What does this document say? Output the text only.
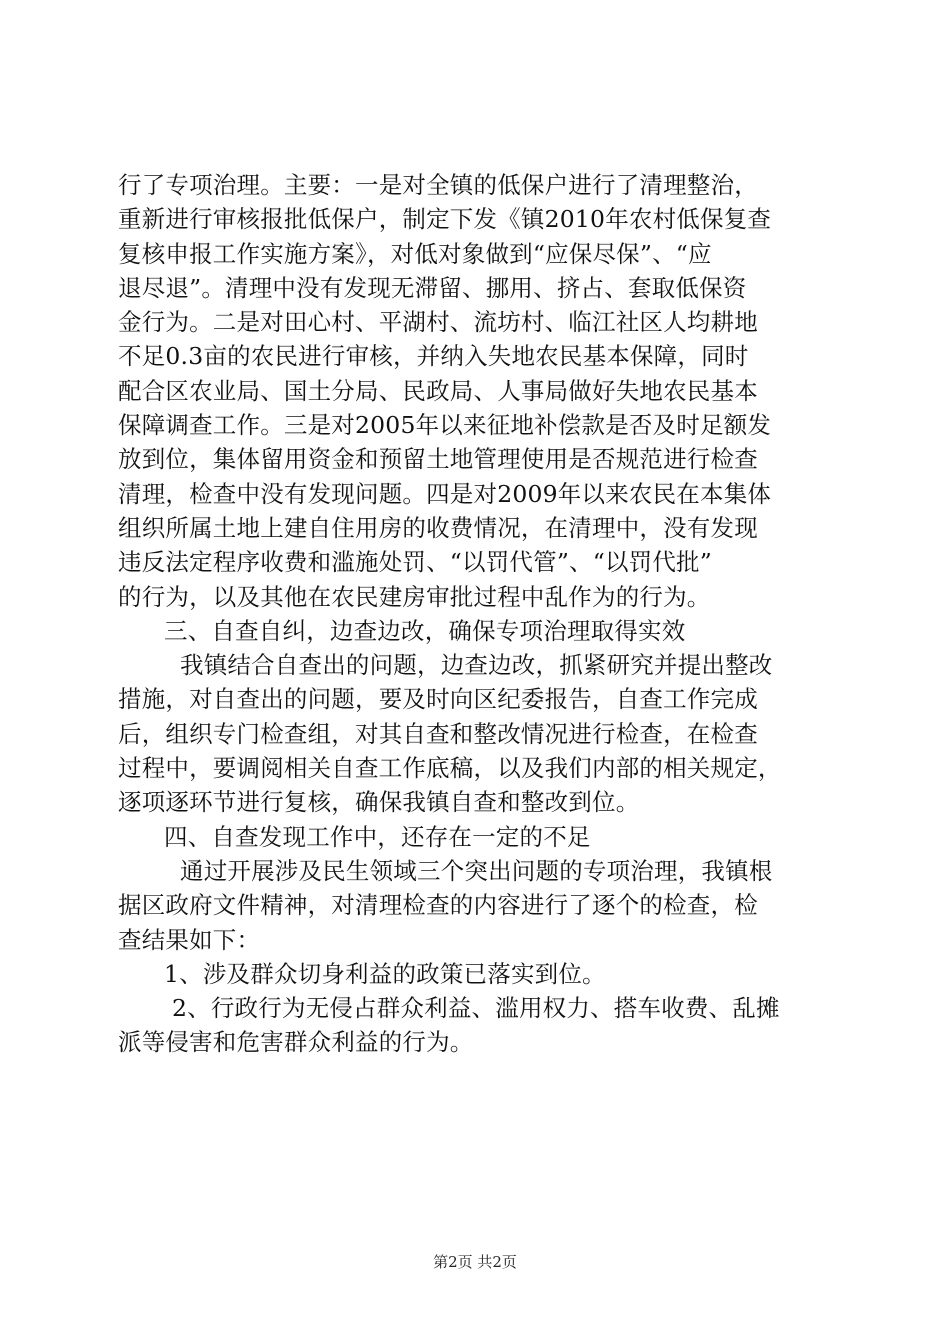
行了专项治理。主要：一是对全镇的低保户进行了清理整治，
重新进行审核报批低保户，制定下发《镇2010年农村低保复查
复核申报工作实施方案》，对低对象做到“应保尽保”、“应
退尽退”。清理中没有发现无滞留、挪用、挤占、套取低保资
金行为。二是对田心村、平湖村、流坊村、临江社区人均耕地
不足0.3亩的农民进行审核，并纳入失地农民基本保障，同时
配合区农业局、国土分局、民政局、人事局做好失地农民基本
保障调查工作。三是对2005年以来征地补偿款是否及时足额发
放到位，集体留用资金和预留土地管理使用是否规范进行检查
清理，检查中没有发现问题。四是对2009年以来农民在本集体
组织所属土地上建自住用房的收费情况，在清理中，没有发现
违反法定程序收费和滥施处罚、“以罚代管”、“以罚代批”
的行为，以及其他在农民建房审批过程中乱作为的行为。
三、自查自纠，边查边改，确保专项治理取得实效
我镇结合自查出的问题，边查边改，抓紧研究并提出整改
措施，对自查出的问题，要及时向区纪委报告，自查工作完成
后，组织专门检查组，对其自查和整改情况进行检查，在检查
过程中，要调阅相关自查工作底稿，以及我们内部的相关规定，
逐项逐环节进行复核，确保我镇自查和整改到位。
四、自查发现工作中，还存在一定的不足
通过开展涉及民生领域三个突出问题的专项治理，我镇根
据区政府文件精神，对清理检查的内容进行了逐个的检查，检
查结果如下：
1、涉及群众切身利益的政策已落实到位。
2、行政行为无侵占群众利益、滥用权力、搭车收费、乱摊
派等侵害和危害群众利益的行为。
第2页 共2页
